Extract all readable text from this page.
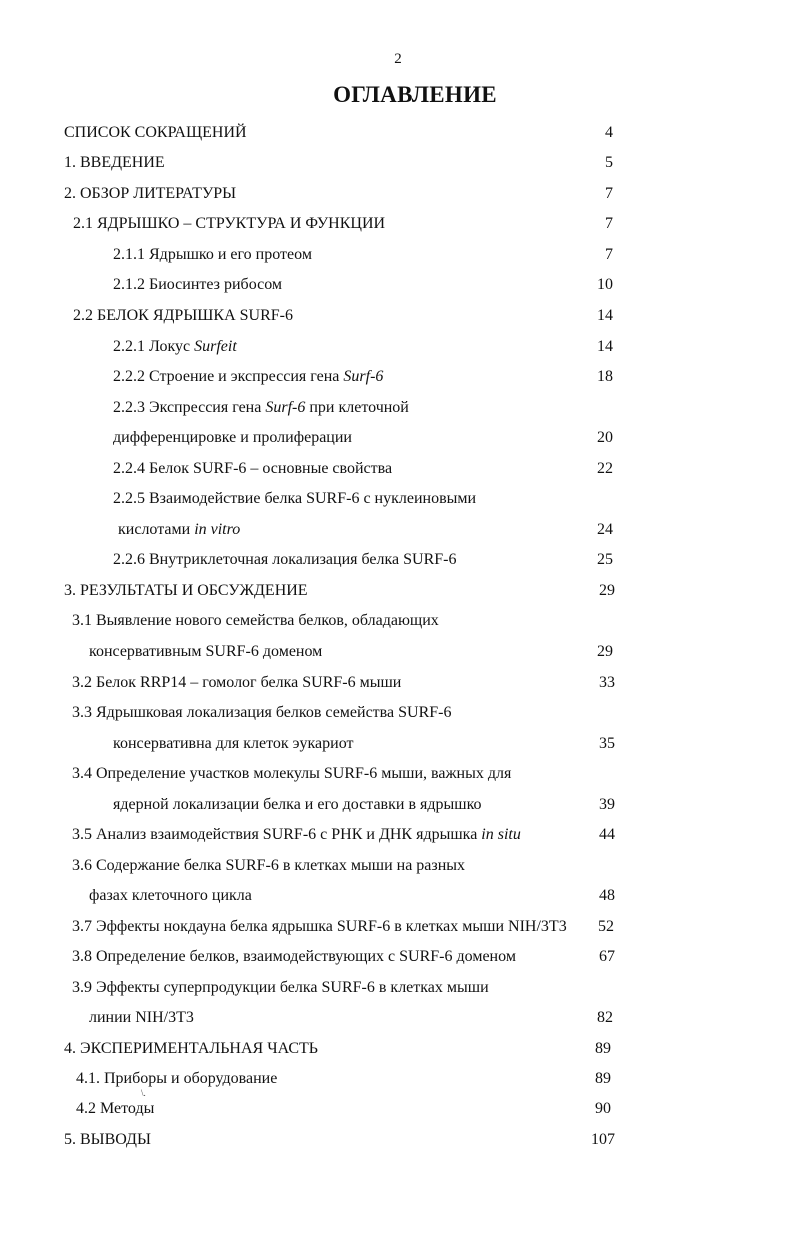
2
ОГЛАВЛЕНИЕ
СПИСОК СОКРАЩЕНИЙ	4
1. ВВЕДЕНИЕ	5
2. ОБЗОР ЛИТЕРАТУРЫ	7
2.1 ЯДРЫШКО – СТРУКТУРА И ФУНКЦИИ	7
2.1.1 Ядрышко и его протеом	7
2.1.2 Биосинтез рибосом	10
2.2 БЕЛОК ЯДРЫШКА SURF-6	14
2.2.1 Локус Surfeit	14
2.2.2 Строение и экспрессия гена Surf-6	18
2.2.3 Экспрессия гена Surf-6 при клеточной
дифференцировке и пролиферации	20
2.2.4 Белок SURF-6 – основные свойства	22
2.2.5 Взаимодействие белка SURF-6 с нуклеиновыми
кислотами in vitro	24
2.2.6 Внутриклеточная локализация белка SURF-6	25
3. РЕЗУЛЬТАТЫ И ОБСУЖДЕНИЕ	29
3.1 Выявление нового семейства белков, обладающих
консервативным SURF-6 доменом	29
3.2 Белок RRP14 – гомолог белка SURF-6 мыши	33
3.3 Ядрышковая локализация белков семейства SURF-6
консервативна для клеток эукариот	35
3.4 Определение участков молекулы SURF-6 мыши, важных для
ядерной локализации белка и его доставки в ядрышко	39
3.5 Анализ взаимодействия SURF-6 с РНК и ДНК ядрышка in situ	44
3.6 Содержание белка SURF-6 в клетках мыши на разных
фазах клеточного цикла	48
3.7 Эффекты нокдауна белка ядрышка SURF-6 в клетках мыши NIH/3T3	52
3.8 Определение белков, взаимодействующих с SURF-6 доменом	67
3.9 Эффекты суперпродукции белка SURF-6 в клетках мыши
линии NIH/3T3	82
4. ЭКСПЕРИМЕНТАЛЬНАЯ ЧАСТЬ	89
4.1. Приборы и оборудование	89
4.2 Методы	90
\.
5. ВЫВОДЫ	107
